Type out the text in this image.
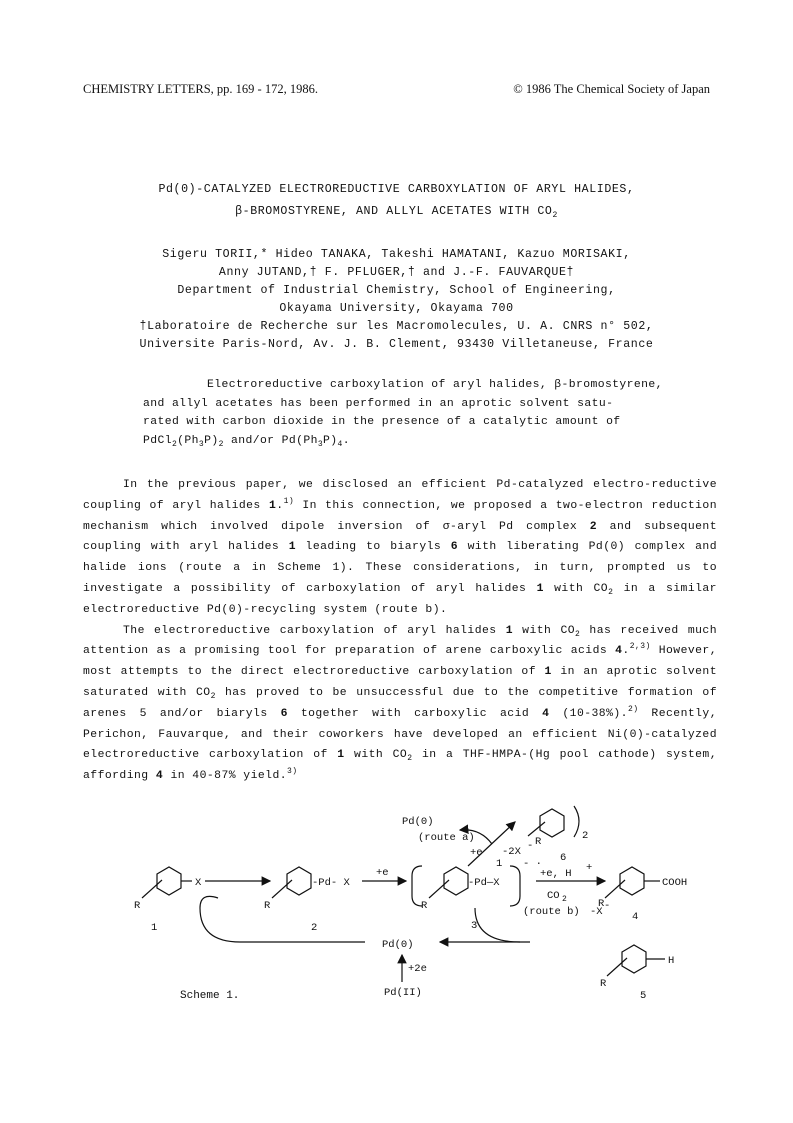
CHEMISTRY LETTERS, pp. 169 - 172, 1986.	© 1986 The Chemical Society of Japan
Pd(0)-CATALYZED ELECTROREDUCTIVE CARBOXYLATION OF ARYL HALIDES,
β-BROMOSTYRENE, AND ALLYL ACETATES WITH $CO_2$
Sigeru TORII,* Hideo TANAKA, Takeshi HAMATANI, Kazuo MORISAKI,
Anny JUTAND,† F. PFLUGER,† and J.-F. FAUVARQUE†
Department of Industrial Chemistry, School of Engineering,
Okayama University, Okayama 700
†Laboratoire de Recherche sur les Macromolecules, U. A. CNRS n° 502,
Universite Paris-Nord, Av. J. B. Clement, 93430 Villetaneuse, France
Electroreductive carboxylation of aryl halides, β-bromostyrene,
and allyl acetates has been performed in an aprotic solvent satu-
rated with carbon dioxide in the presence of a catalytic amount of
$PdCl_2(Ph_3P)_2$ and/or $Pd(Ph_3P)_4$.

In the previous paper, we disclosed an efficient Pd-catalyzed electro-reductive coupling of aryl halides 1.$^{1)}$ In this connection, we proposed a two-electron reduction mechanism which involved dipole inversion of σ-aryl Pd complex 2 and subsequent coupling with aryl halides 1 leading to biaryls 6 with liberating Pd(0) complex and halide ions (route a in Scheme 1). These considerations, in turn, prompted us to investigate a possibility of carboxylation of aryl halides 1 with $CO_2$ in a similar electroreductive Pd(0)-recycling system (route b).

The electroreductive carboxylation of aryl halides 1 with $CO_2$ has received much attention as a promising tool for preparation of arene carboxylic acids 4.$^{2,3)}$ However, most attempts to the direct electroreductive carboxylation of 1 in an aprotic solvent saturated with $CO_2$ has proved to be unsuccessful due to the competitive formation of arenes 5 and/or biaryls 6 together with carboxylic acid 4 (10-38%).$^{2)}$ Recently, Perichon, Fauvarque, and their coworkers have developed an efficient Ni(0)-catalyzed electroreductive carboxylation of 1 with $CO_2$ in a THF-HMPA-(Hg pool cathode) system, affording 4 in 40-87% yield.$^{3)}$

X
R
1
-Pd- X
R
2
+e
-Pd—X
R
3
- ·
+e, H +
CO 2
(route b) -X -
COOH
R
4
Pd(0)
(route a)
+e
1
-2X - R	2
6
Pd(0)
+2e
Pd(II)
H
R
5
Scheme 1.
